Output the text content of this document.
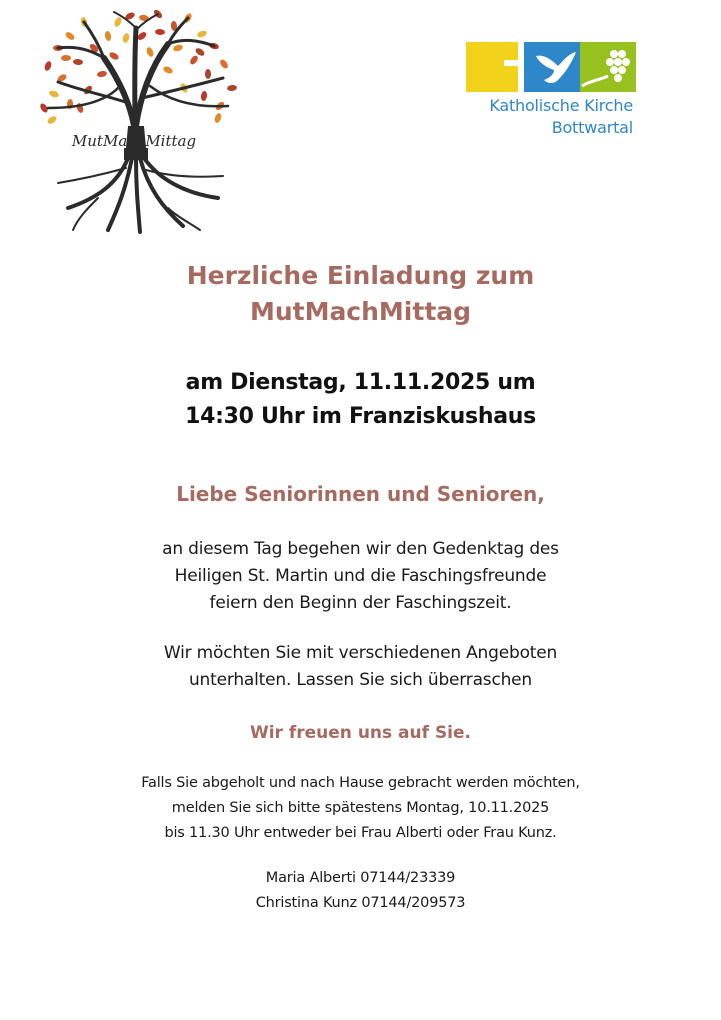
MutMachMittag
Katholische Kirche
Bottwartal
Herzliche Einladung zum
MutMachMittag
am Dienstag, 11.11.2025 um
14:30 Uhr im Franziskushaus
Liebe Seniorinnen und Senioren,
an diesem Tag begehen wir den Gedenktag des
Heiligen St. Martin und die Faschingsfreunde
feiern den Beginn der Faschingszeit.
Wir möchten Sie mit verschiedenen Angeboten
unterhalten. Lassen Sie sich überraschen
Wir freuen uns auf Sie.
Falls Sie abgeholt und nach Hause gebracht werden möchten,
melden Sie sich bitte spätestens Montag, 10.11.2025
bis 11.30 Uhr entweder bei Frau Alberti oder Frau Kunz.
Maria Alberti 07144/23339
Christina Kunz 07144/209573
